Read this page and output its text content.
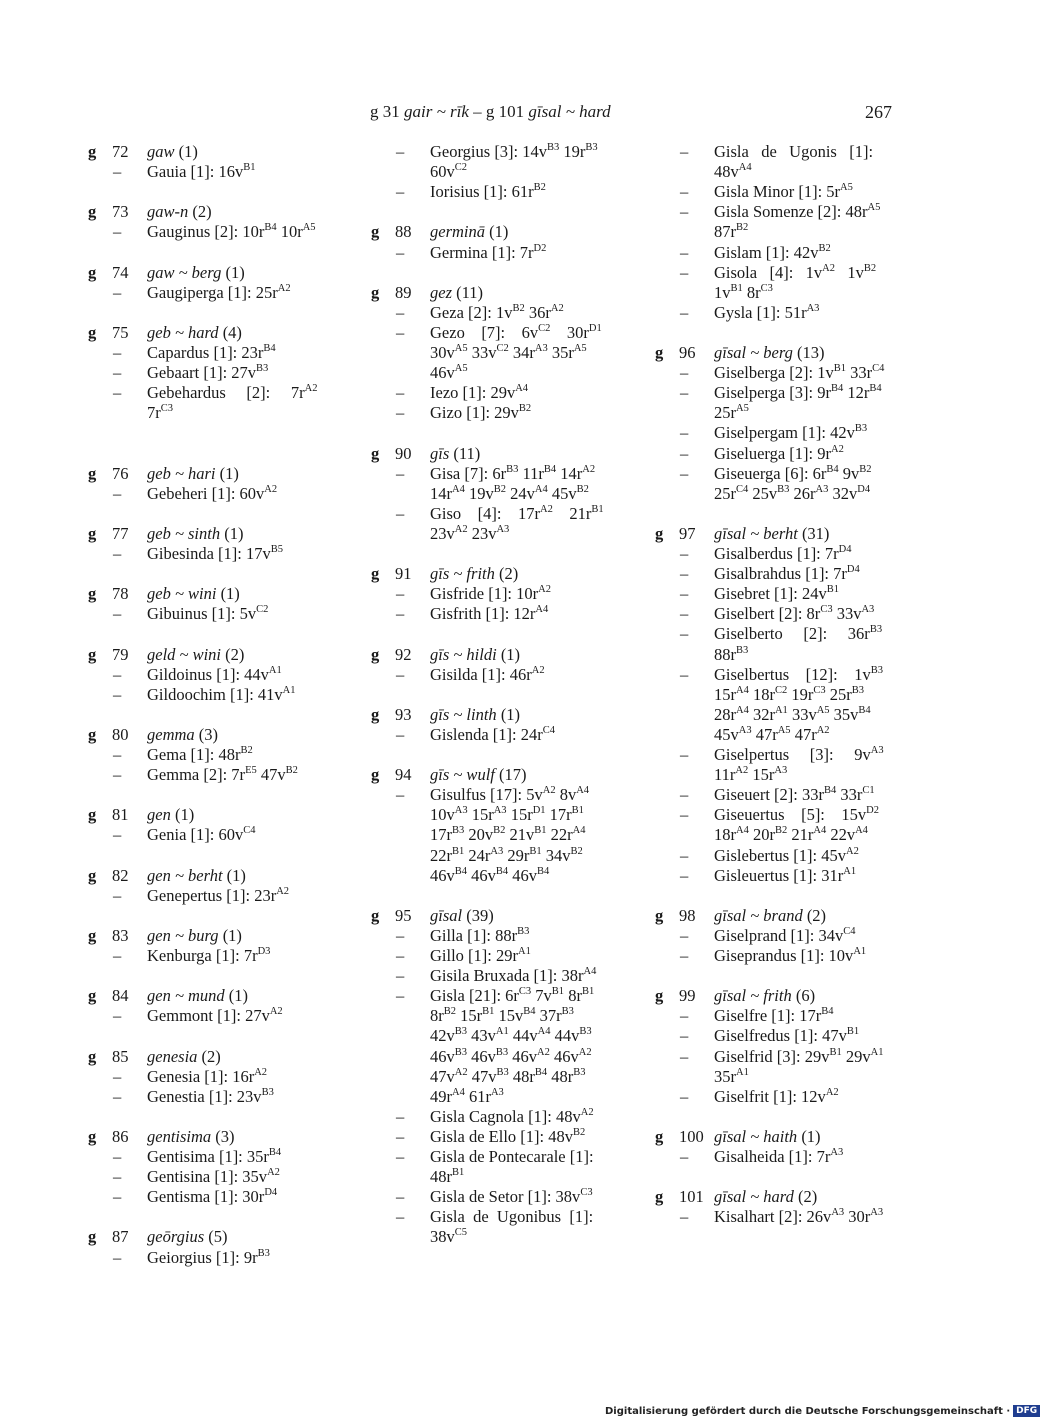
g 31 gair ~ rīk – g 101 gīsal ~ hard	267
g 72 gaw (1)
– Gauia [1]: $16v^{B1}$
g 73 gaw-n (2)
– Gauginus [2]: $10r^{B4}$ $10r^{A5}$
g 74 gaw ~ berg (1)
– Gaugiperga [1]: $25r^{A2}$
g 75 geb ~ hard (4)
– Capardus [1]: $23r^{B4}$
– Gebaart [1]: $27v^{B3}$
– Gebehardus     [2]:     $7r^{A2}$
$7r^{C3}$
g 76 geb ~ hari (1)
– Gebeheri [1]: $60v^{A2}$
g 77 geb ~ sinth (1)
– Gibesinda [1]: $17v^{B5}$
g 78 geb ~ wini (1)
– Gibuinus [1]: $5v^{C2}$
g 79 geld ~ wini (2)
– Gildoinus [1]: $44v^{A1}$
– Gildoochim [1]: $41v^{A1}$
g 80 gemma (3)
– Gema [1]: $48r^{B2}$
– Gemma [2]: $7r^{E5}$ $47v^{B2}$
g 81 gen (1)
– Genia [1]: $60v^{C4}$
g 82 gen ~ berht (1)
– Genepertus [1]: $23r^{A2}$
g 83 gen ~ burg (1)
– Kenburga [1]: $7r^{D3}$
g 84 gen ~ mund (1)
– Gemmont [1]: $27v^{A2}$
g 85 genesia (2)
– Genesia [1]: $16r^{A2}$
– Genestia [1]: $23v^{B3}$
g 86 gentisima (3)
– Gentisima [1]: $35r^{B4}$
– Gentisina [1]: $35v^{A2}$
– Gentisma [1]: $30r^{D4}$
g 87 geōrgius (5)
– Geiorgius [1]: $9r^{B3}$
– Georgius [3]: $14v^{B3}$ $19r^{B3}$
$60v^{C2}$
– Iorisius [1]: $61r^{B2}$
g 88 germinā (1)
– Germina [1]: $7r^{D2}$
g 89 gez (11)
– Geza [2]: $1v^{B2}$ $36r^{A2}$
– Gezo    [7]:    $6v^{C2}$    $30r^{D1}$
$30v^{A5}$ $33v^{C2}$ $34r^{A3}$ $35r^{A5}$
$46v^{A5}$
– Iezo [1]: $29v^{A4}$
– Gizo [1]: $29v^{B2}$
g 90 gīs (11)
– Gisa [7]: $6r^{B3}$ $11r^{B4}$ $14r^{A2}$
$14r^{A4}$ $19v^{B2}$ $24v^{A4}$ $45v^{B2}$
– Giso    [4]:    $17r^{A2}$    $21r^{B1}$
$23v^{A2}$ $23v^{A3}$
g 91 gīs ~ frith (2)
– Gisfride [1]: $10r^{A2}$
– Gisfrith [1]: $12r^{A4}$
g 92 gīs ~ hildi (1)
– Gisilda [1]: $46r^{A2}$
g 93 gīs ~ linth (1)
– Gislenda [1]: $24r^{C4}$
g 94 gīs ~ wulf (17)
– Gisulfus [17]: $5v^{A2}$ $8v^{A4}$
$10v^{A3}$ $15r^{A3}$ $15r^{D1}$ $17r^{B1}$
$17r^{B3}$ $20v^{B2}$ $21v^{B1}$ $22r^{A4}$
$22r^{B1}$ $24r^{A3}$ $29r^{B1}$ $34v^{B2}$
$46v^{B4}$ $46v^{B4}$ $46v^{B4}$
g 95 gīsal (39)
– Gilla [1]: $88r^{B3}$
– Gillo [1]: $29r^{A1}$
– Gisila Bruxada [1]: $38r^{A4}$
– Gisla [21]: $6r^{C3}$ $7v^{B1}$ $8r^{B1}$
$8r^{B2}$ $15r^{B1}$ $15v^{B4}$ $37r^{B3}$
$42v^{B3}$ $43v^{A1}$ $44v^{A4}$ $44v^{B3}$
$46v^{B3}$ $46v^{B3}$ $46v^{A2}$ $46v^{A2}$
$47v^{A2}$ $47v^{B3}$ $48r^{B4}$ $48r^{B3}$
$49r^{A4}$ $61r^{A3}$
– Gisla Cagnola [1]: $48v^{A2}$
– Gisla de Ello [1]: $48v^{B2}$
– Gisla de Pontecarale [1]:
$48r^{B1}$
– Gisla de Setor [1]: $38v^{C3}$
– Gisla  de  Ugonibus  [1]:
$38v^{C5}$
– Gisla   de   Ugonis   [1]:
$48v^{A4}$
– Gisla Minor [1]: $5r^{A5}$
– Gisla Somenze [2]: $48r^{A5}$
$87r^{B2}$
– Gislam [1]: $42v^{B2}$
– Gisola   [4]:   $1v^{A2}$   $1v^{B2}$
$1v^{B1}$ $8r^{C3}$
– Gysla [1]: $51r^{A3}$
g 96 gīsal ~ berg (13)
– Giselberga [2]: $1v^{B1}$ $33r^{C4}$
– Giselperga [3]: $9r^{B4}$ $12r^{B4}$
$25r^{A5}$
– Giselpergam [1]: $42v^{B3}$
– Giseluerga [1]: $9r^{A2}$
– Giseuerga [6]: $6r^{B4}$ $9v^{B2}$
$25r^{C4}$ $25v^{B3}$ $26r^{A3}$ $32v^{D4}$
g 97 gīsal ~ berht (31)
– Gisalberdus [1]: $7r^{D4}$
– Gisalbrahdus [1]: $7r^{D4}$
– Gisebret [1]: $24v^{B1}$
– Giselbert [2]: $8r^{C3}$ $33v^{A3}$
– Giselberto     [2]:     $36r^{B3}$
$88r^{B3}$
– Giselbertus    [12]:    $1v^{B3}$
$15r^{A4}$ $18r^{C2}$ $19r^{C3}$ $25r^{B3}$
$28r^{A4}$ $32r^{A1}$ $33v^{A5}$ $35v^{B4}$
$45v^{A3}$ $47r^{A5}$ $47r^{A2}$
– Giselpertus     [3]:     $9v^{A3}$
$11r^{A2}$ $15r^{A3}$
– Giseuert [2]: $33r^{B4}$ $33r^{C1}$
– Giseuertus    [5]:    $15v^{D2}$
$18r^{A4}$ $20r^{B2}$ $21r^{A4}$ $22v^{A4}$
– Gislebertus [1]: $45v^{A2}$
– Gisleuertus [1]: $31r^{A1}$
g 98 gīsal ~ brand (2)
– Giselprand [1]: $34v^{C4}$
– Giseprandus [1]: $10v^{A1}$
g 99 gīsal ~ frith (6)
– Giselfre [1]: $17r^{B4}$
– Giselfredus [1]: $47v^{B1}$
– Giselfrid [3]: $29v^{B1}$ $29v^{A1}$
$35r^{A1}$
– Giselfrit [1]: $12v^{A2}$
g 100 gīsal ~ haith (1)
– Gisalheida [1]: $7r^{A3}$
g 101 gīsal ~ hard (2)
– Kisalhart [2]: $26v^{A3}$ $30r^{A3}$
Digitalisierung gefördert durch die Deutsche Forschungsgemeinschaft · DFG
